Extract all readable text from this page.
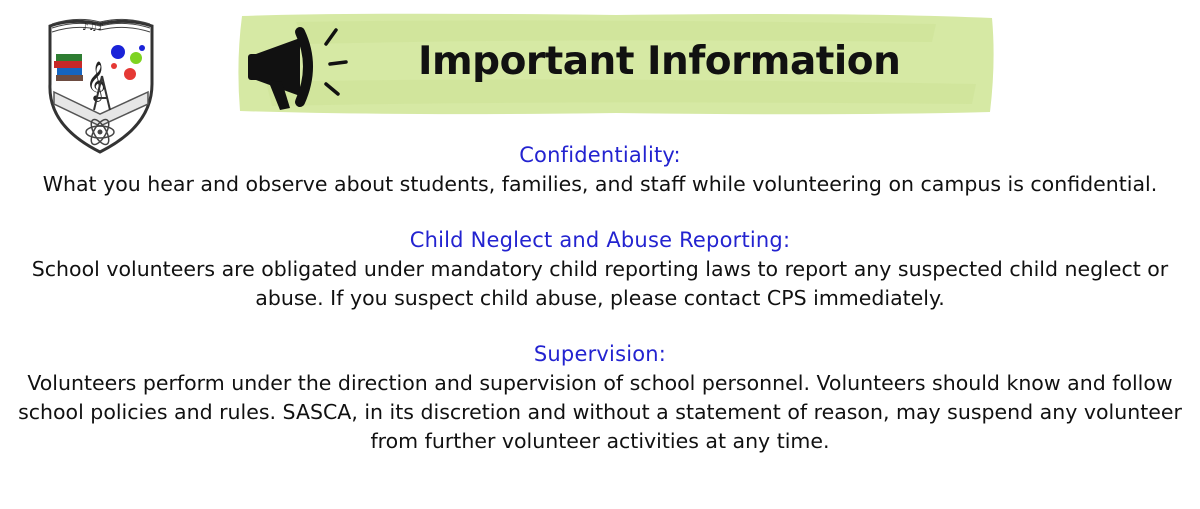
♪♫♪
𝄞	Important Information
Confidentiality:
What you hear and observe about students, families, and staff while volunteering on campus is confidential.
Child Neglect and Abuse Reporting:
School volunteers are obligated under mandatory child reporting laws to report any suspected child neglect or abuse. If you suspect child abuse, please contact CPS immediately.
Supervision:
Volunteers perform under the direction and supervision of school personnel. Volunteers should know and follow school policies and rules. SASCA, in its discretion and without a statement of reason, may suspend any volunteer from further volunteer activities at any time.
